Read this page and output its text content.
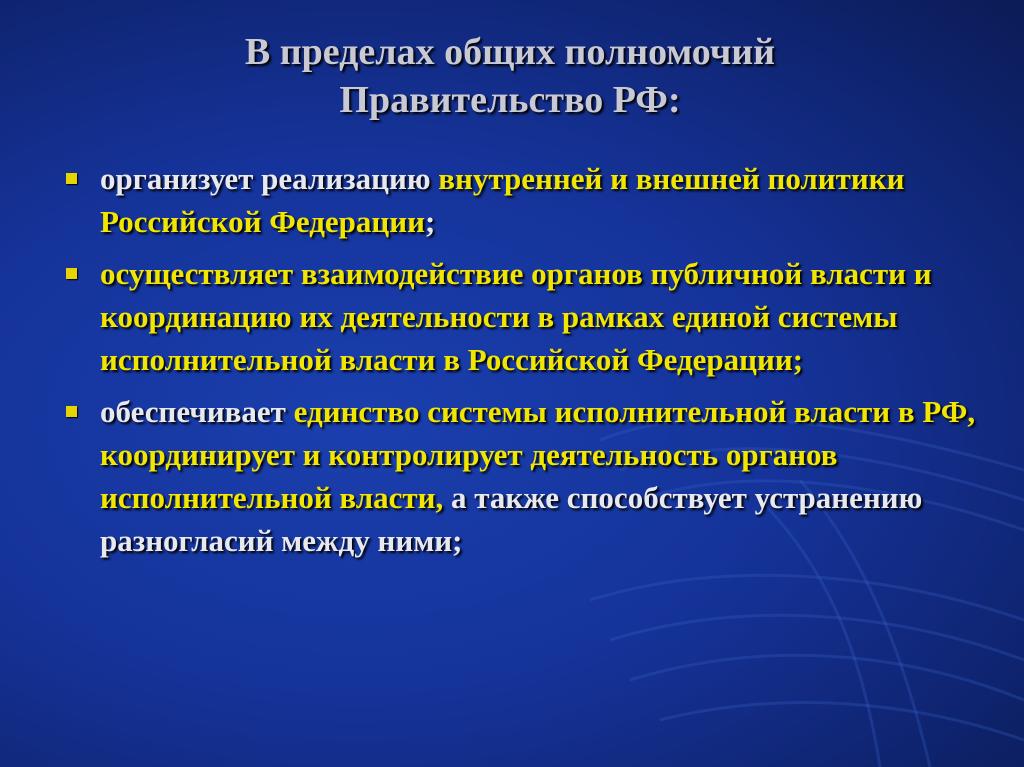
В пределах общих полномочий
Правительство РФ:
организует реализацию внутренней и внешней политики Российской Федерации;
осуществляет взаимодействие органов публичной власти и координацию их деятельности в рамках единой системы исполнительной власти в Российской Федерации;
обеспечивает единство системы исполнительной власти в РФ, координирует и контролирует деятельность органов исполнительной власти, а также способствует устранению разногласий между ними;
